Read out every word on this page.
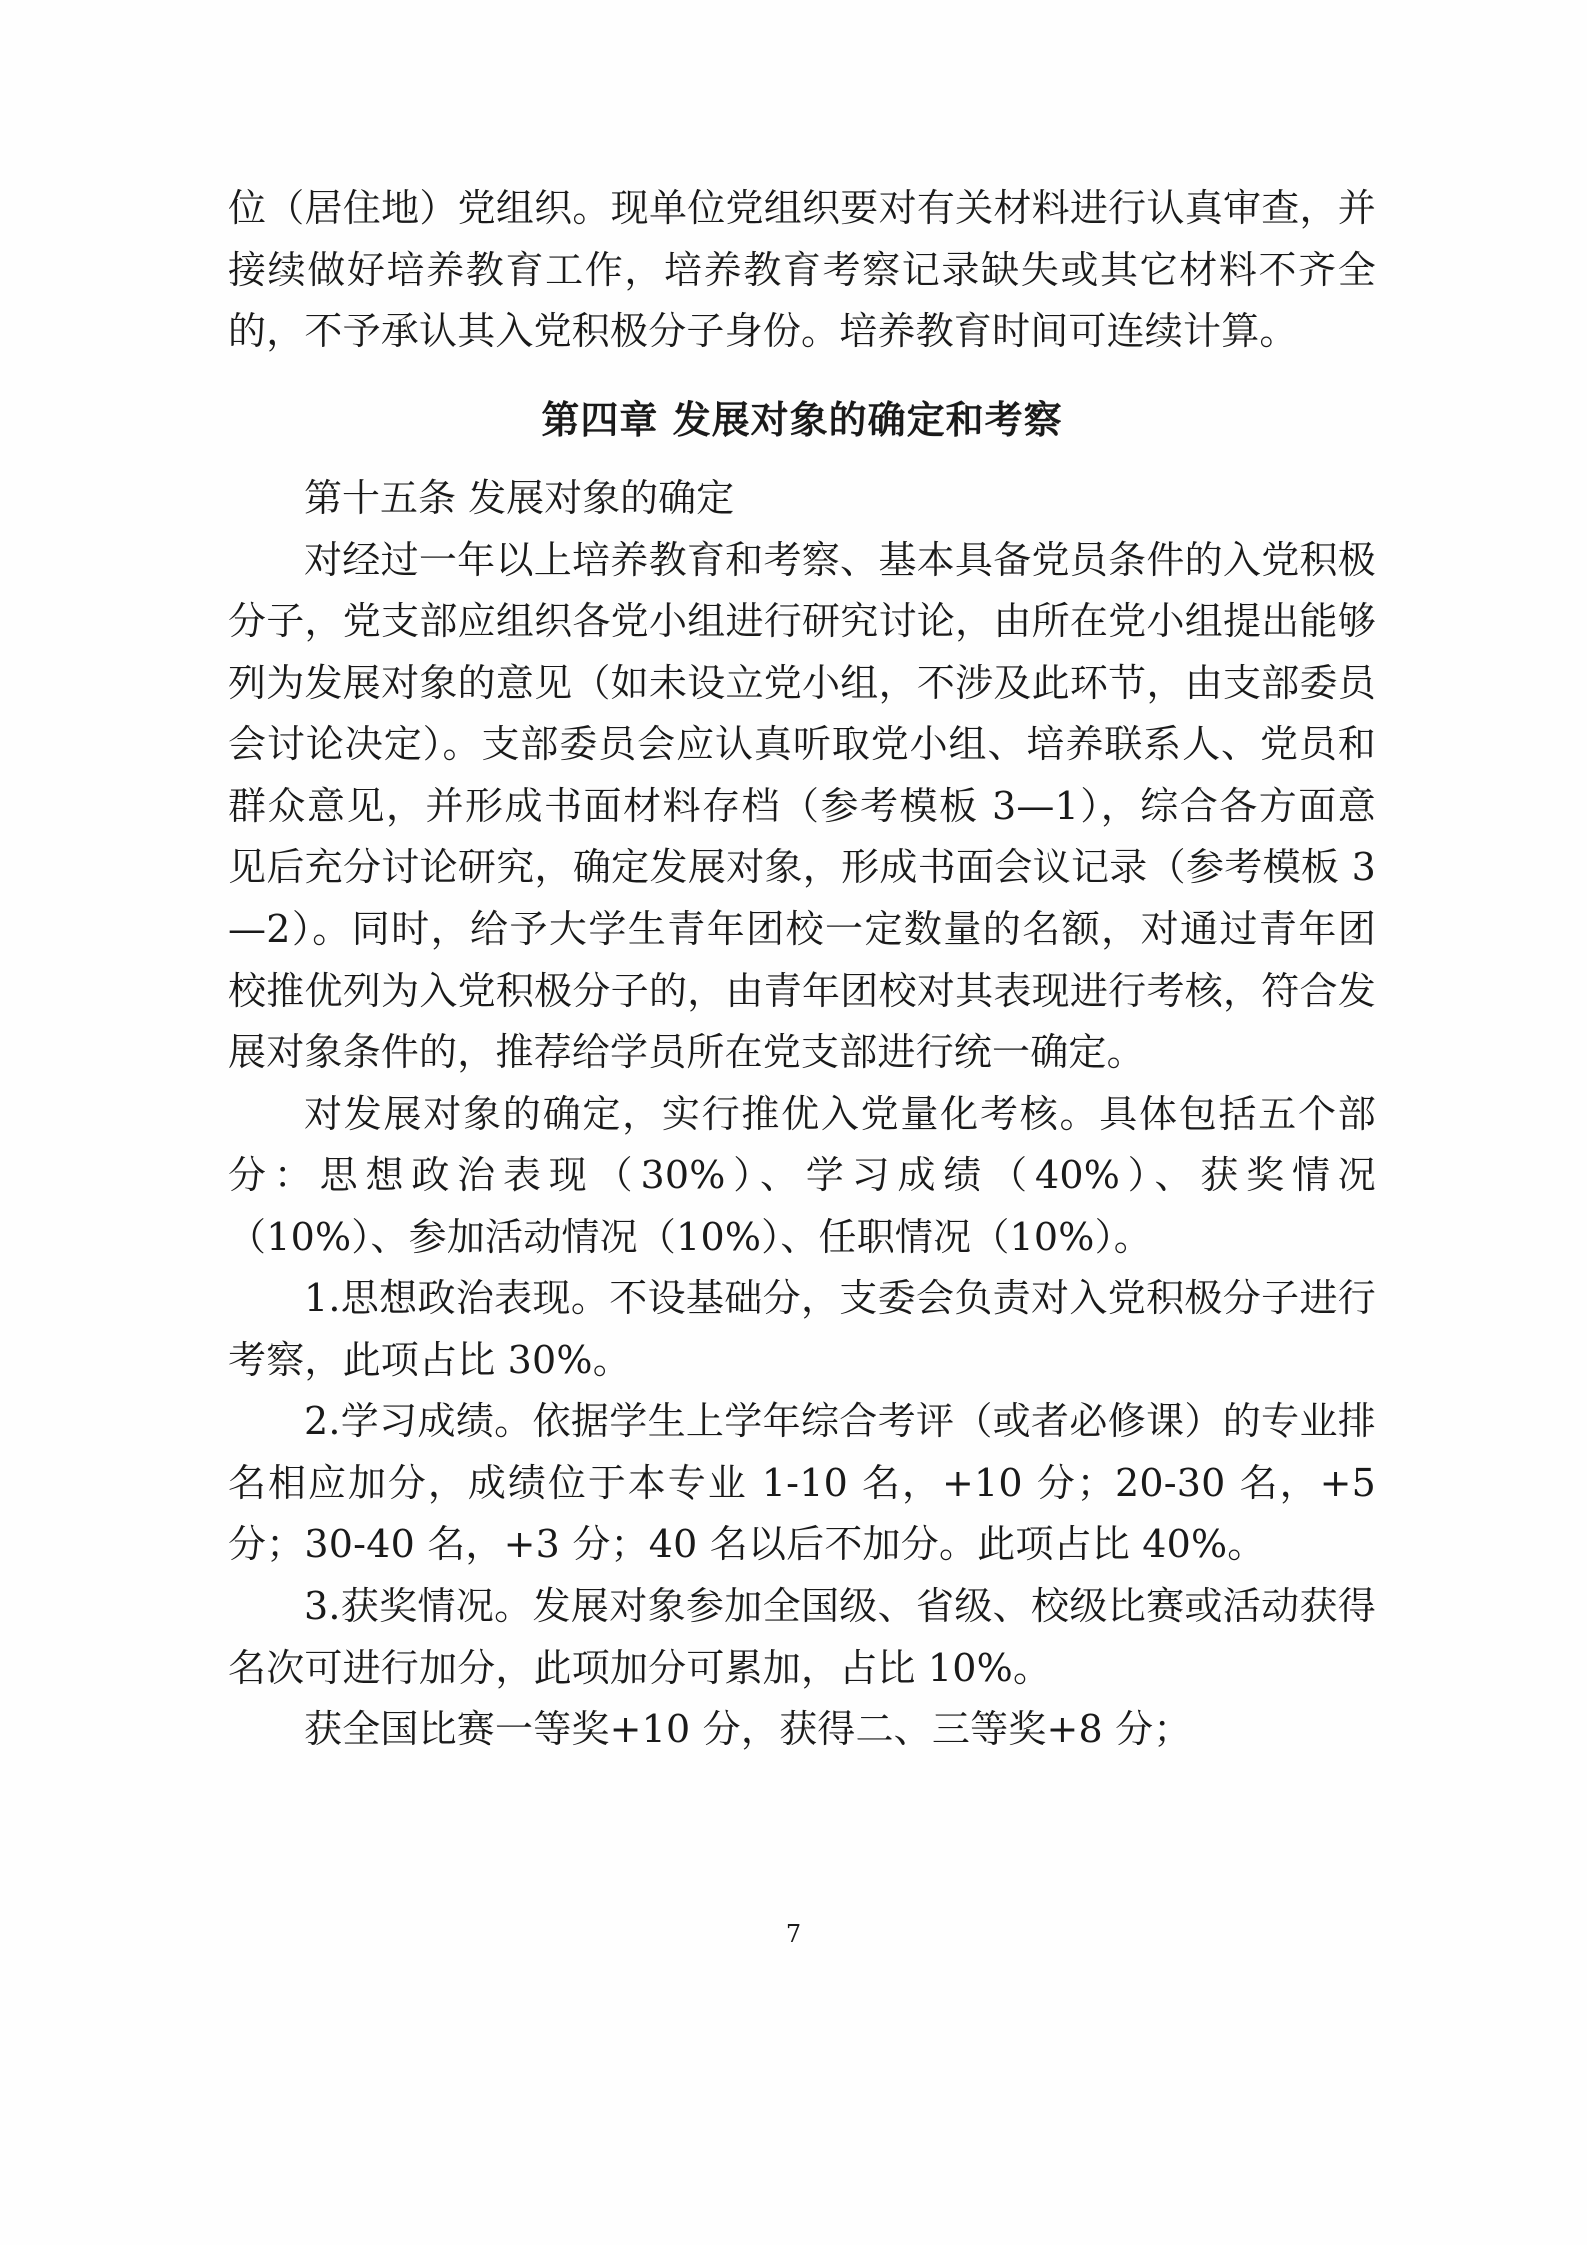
位（居住地）党组织。现单位党组织要对有关材料进行认真审查，并接续做好培养教育工作，培养教育考察记录缺失或其它材料不齐全的，不予承认其入党积极分子身份。培养教育时间可连续计算。

第四章 发展对象的确定和考察

第十五条 发展对象的确定

对经过一年以上培养教育和考察、基本具备党员条件的入党积极分子，党支部应组织各党小组进行研究讨论，由所在党小组提出能够列为发展对象的意见（如未设立党小组，不涉及此环节，由支部委员会讨论决定）。支部委员会应认真听取党小组、培养联系人、党员和群众意见，并形成书面材料存档（参考模板 3—1），综合各方面意见后充分讨论研究，确定发展对象，形成书面会议记录（参考模板 3—2）。同时，给予大学生青年团校一定数量的名额，对通过青年团校推优列为入党积极分子的，由青年团校对其表现进行考核，符合发展对象条件的，推荐给学员所在党支部进行统一确定。

对发展对象的确定，实行推优入党量化考核。具体包括五个部分：思想政治表现（30%）、学习成绩（40%）、获奖情况（10%）、参加活动情况（10%）、任职情况（10%）。

1.思想政治表现。不设基础分，支委会负责对入党积极分子进行考察，此项占比 30%。

2.学习成绩。依据学生上学年综合考评（或者必修课）的专业排名相应加分，成绩位于本专业 1-10 名，+10 分；20-30 名，+5 分；30-40 名，+3 分；40 名以后不加分。此项占比 40%。

3.获奖情况。发展对象参加全国级、省级、校级比赛或活动获得名次可进行加分，此项加分可累加，占比 10%。

获全国比赛一等奖+10 分，获得二、三等奖+8 分；

7
